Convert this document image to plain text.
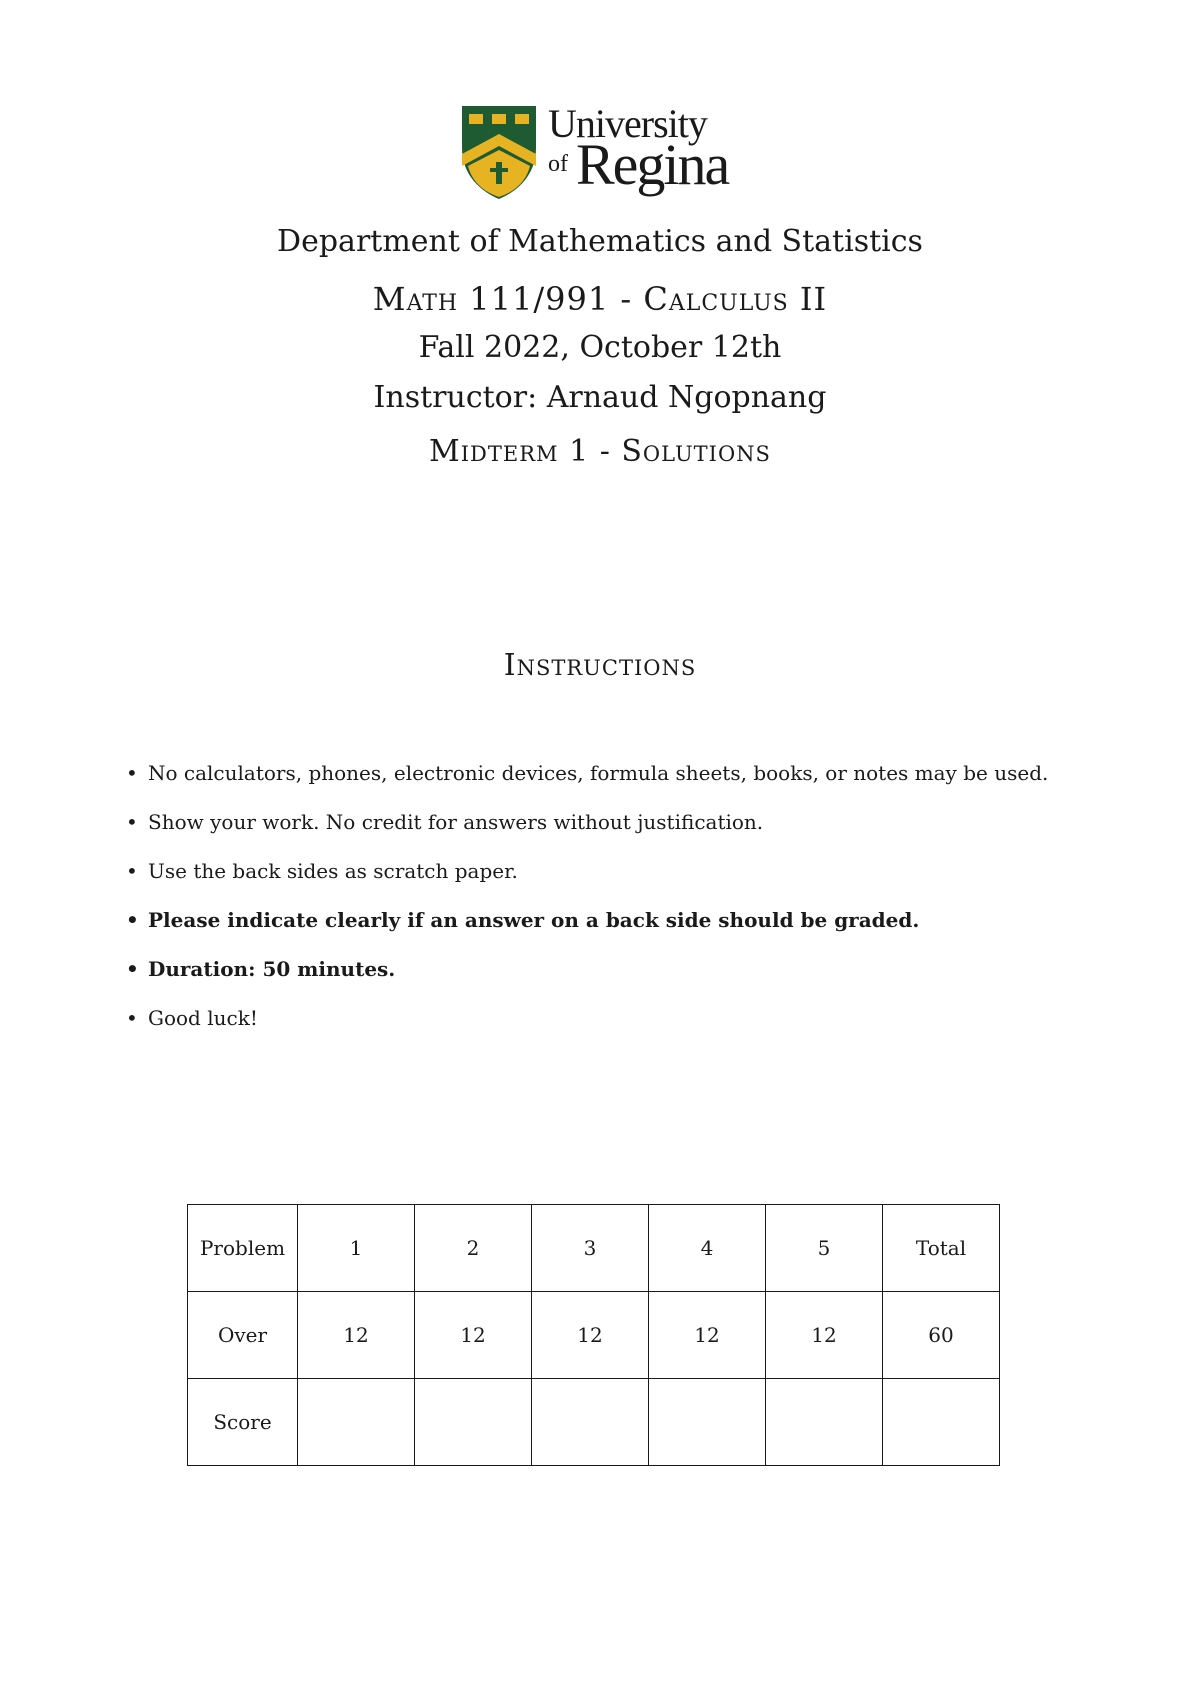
University
of Regina
Department of Mathematics and Statistics
Math 111/991 - Calculus II
Fall 2022, October 12th
Instructor: Arnaud Ngopnang
Midterm 1 - Solutions
Instructions
• No calculators, phones, electronic devices, formula sheets, books, or notes may be used.
• Show your work. No credit for answers without justification.
• Use the back sides as scratch paper.
• Please indicate clearly if an answer on a back side should be graded.
• Duration: 50 minutes.
• Good luck!
Problem	1	2	3	4	5	Total
Over	12	12	12	12	12	60
Score						
